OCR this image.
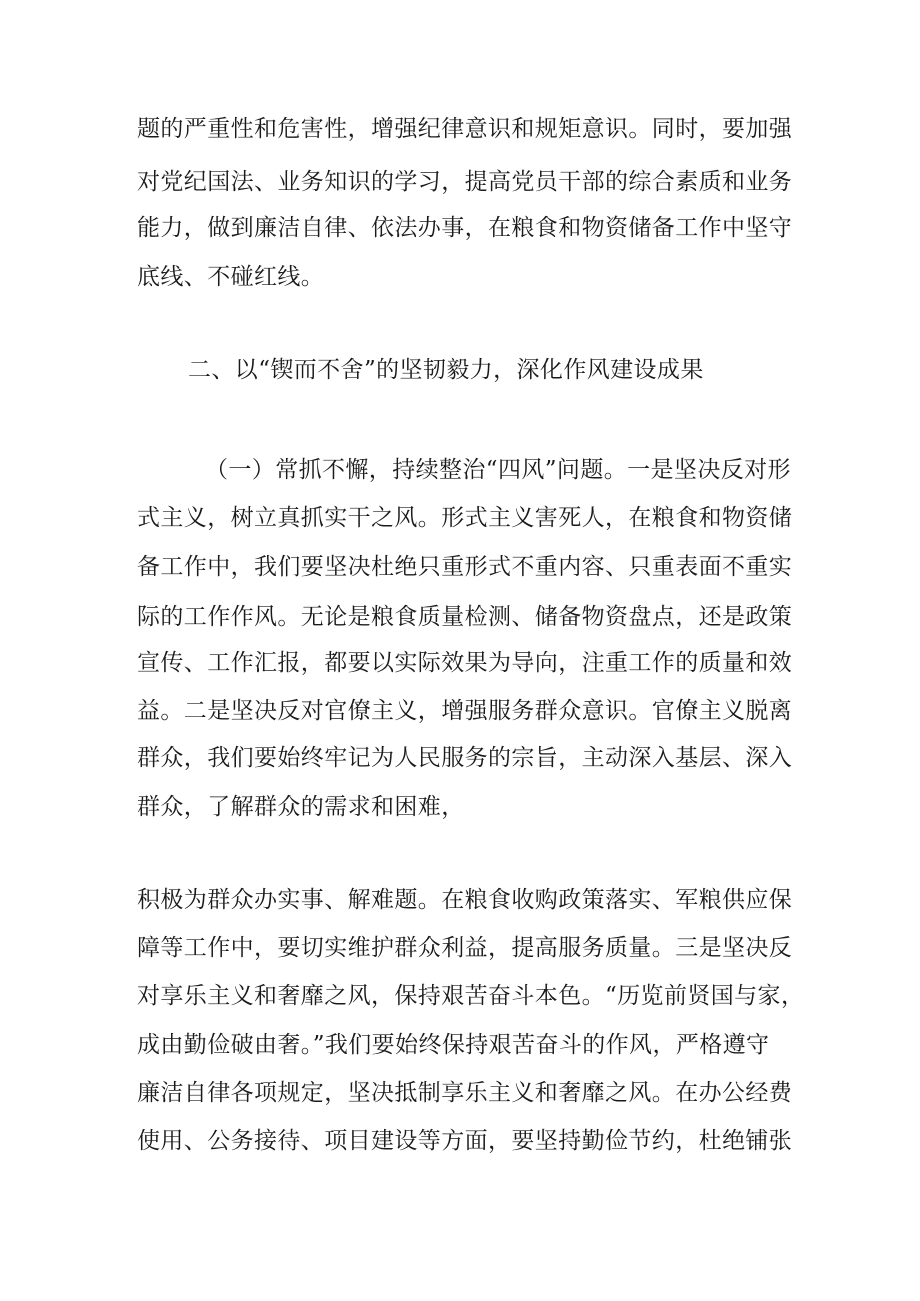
题的严重性和危害性，增强纪律意识和规矩意识。同时，要加强
对党纪国法、业务知识的学习，提高党员干部的综合素质和业务
能力，做到廉洁自律、依法办事，在粮食和物资储备工作中坚守
底线、不碰红线。
二、以“锲而不舍”的坚韧毅力，深化作风建设成果
（一）常抓不懈，持续整治“四风”问题。一是坚决反对形
式主义，树立真抓实干之风。形式主义害死人，在粮食和物资储
备工作中，我们要坚决杜绝只重形式不重内容、只重表面不重实
际的工作作风。无论是粮食质量检测、储备物资盘点，还是政策
宣传、工作汇报，都要以实际效果为导向，注重工作的质量和效
益。二是坚决反对官僚主义，增强服务群众意识。官僚主义脱离
群众，我们要始终牢记为人民服务的宗旨，主动深入基层、深入
群众，了解群众的需求和困难，
积极为群众办实事、解难题。在粮食收购政策落实、军粮供应保
障等工作中，要切实维护群众利益，提高服务质量。三是坚决反
对享乐主义和奢靡之风，保持艰苦奋斗本色。“历览前贤国与家，
成由勤俭破由奢。”我们要始终保持艰苦奋斗的作风，严格遵守
廉洁自律各项规定，坚决抵制享乐主义和奢靡之风。在办公经费
使用、公务接待、项目建设等方面，要坚持勤俭节约，杜绝铺张
